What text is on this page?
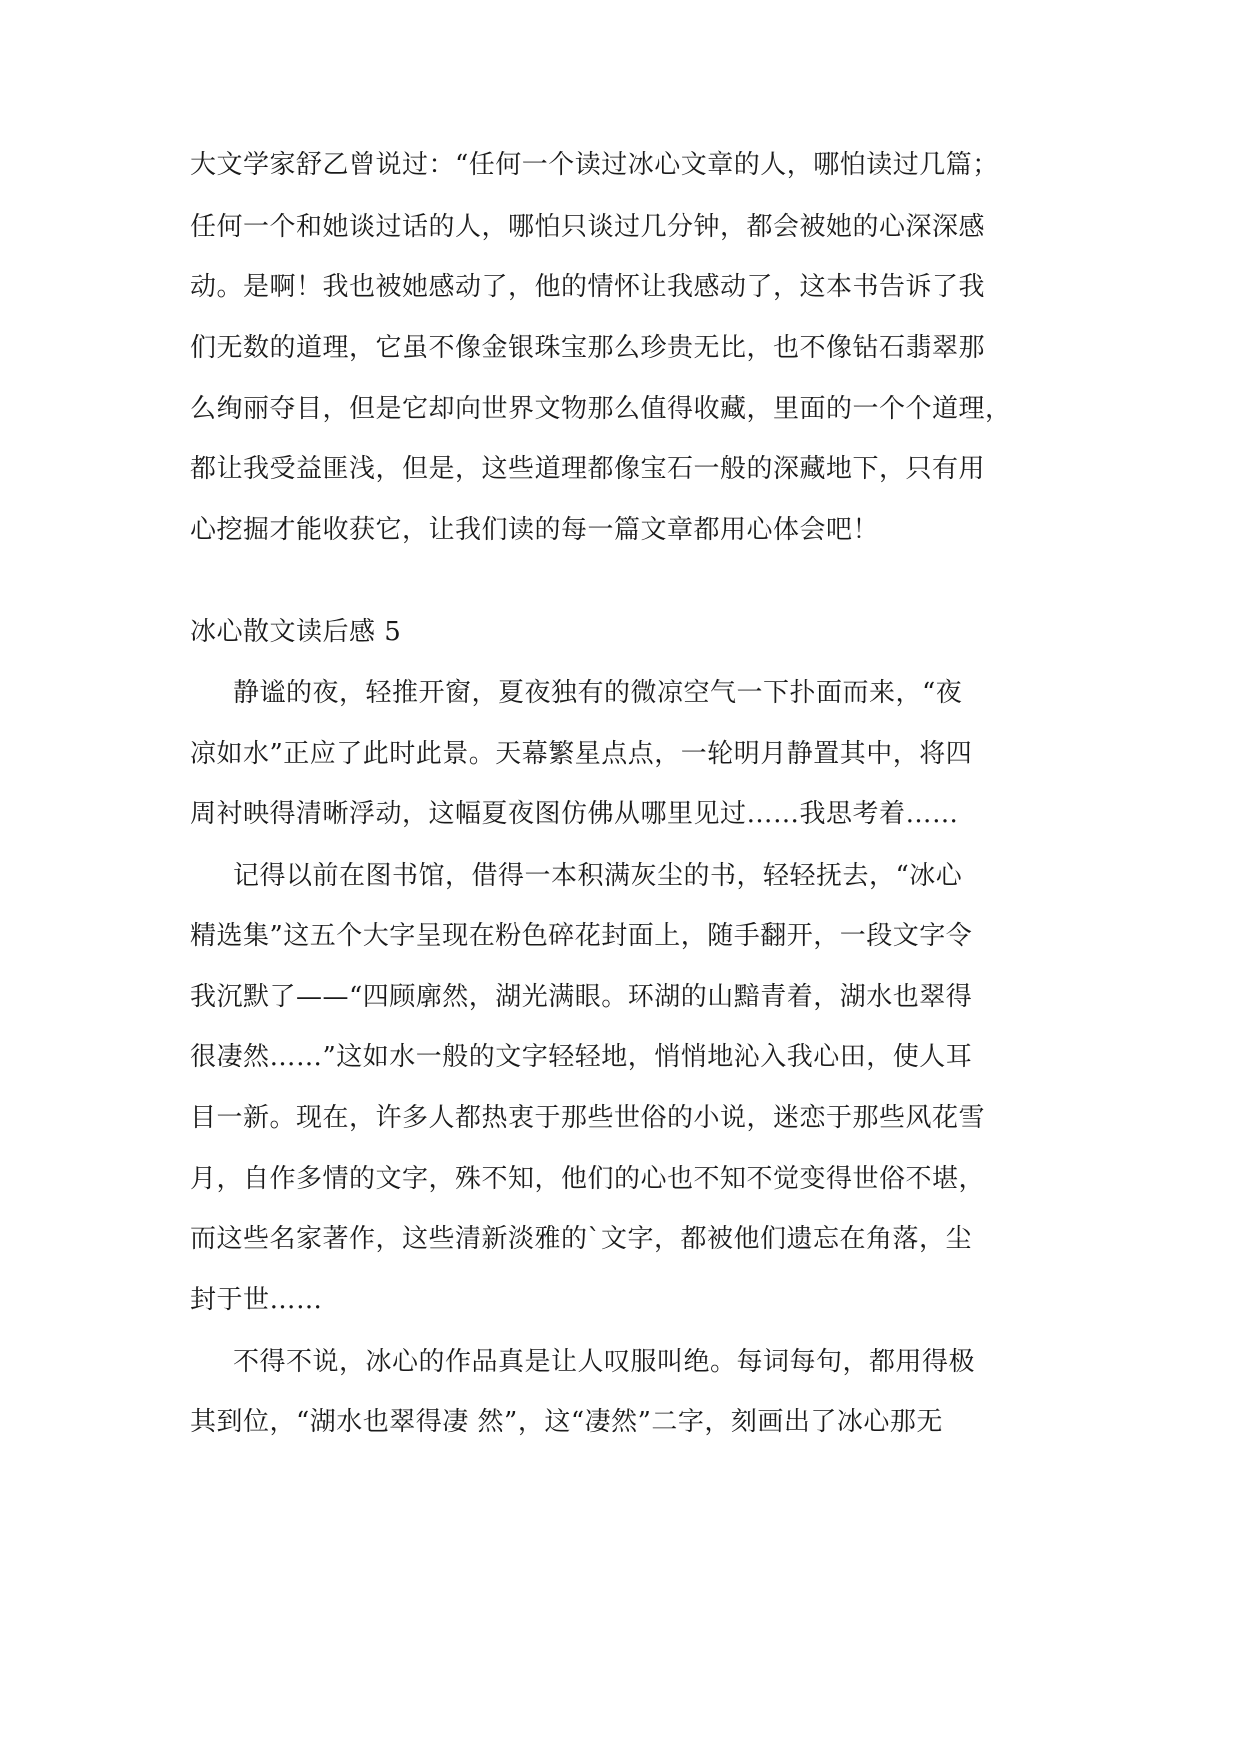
大文学家舒乙曾说过：“任何一个读过冰心文章的人，哪怕读过几篇；
任何一个和她谈过话的人，哪怕只谈过几分钟，都会被她的心深深感
动。是啊！我也被她感动了，他的情怀让我感动了，这本书告诉了我
们无数的道理，它虽不像金银珠宝那么珍贵无比，也不像钻石翡翠那
么绚丽夺目，但是它却向世界文物那么值得收藏，里面的一个个道理，
都让我受益匪浅，但是，这些道理都像宝石一般的深藏地下，只有用
心挖掘才能收获它，让我们读的每一篇文章都用心体会吧！
冰心散文读后感 5
静谧的夜，轻推开窗，夏夜独有的微凉空气一下扑面而来，“夜
凉如水”正应了此时此景。天幕繁星点点，一轮明月静置其中，将四
周衬映得清晰浮动，这幅夏夜图仿佛从哪里见过……我思考着……
记得以前在图书馆，借得一本积满灰尘的书，轻轻抚去，“冰心
精选集”这五个大字呈现在粉色碎花封面上，随手翻开，一段文字令
我沉默了——“四顾廓然，湖光满眼。环湖的山黯青着，湖水也翠得
很凄然……”这如水一般的文字轻轻地，悄悄地沁入我心田，使人耳
目一新。现在，许多人都热衷于那些世俗的小说，迷恋于那些风花雪
月，自作多情的文字，殊不知，他们的心也不知不觉变得世俗不堪，
而这些名家著作，这些清新淡雅的`文字，都被他们遗忘在角落，尘
封于世……
不得不说，冰心的作品真是让人叹服叫绝。每词每句，都用得极
其到位，“湖水也翠得凄 然”，这“凄然”二字，刻画出了冰心那无
